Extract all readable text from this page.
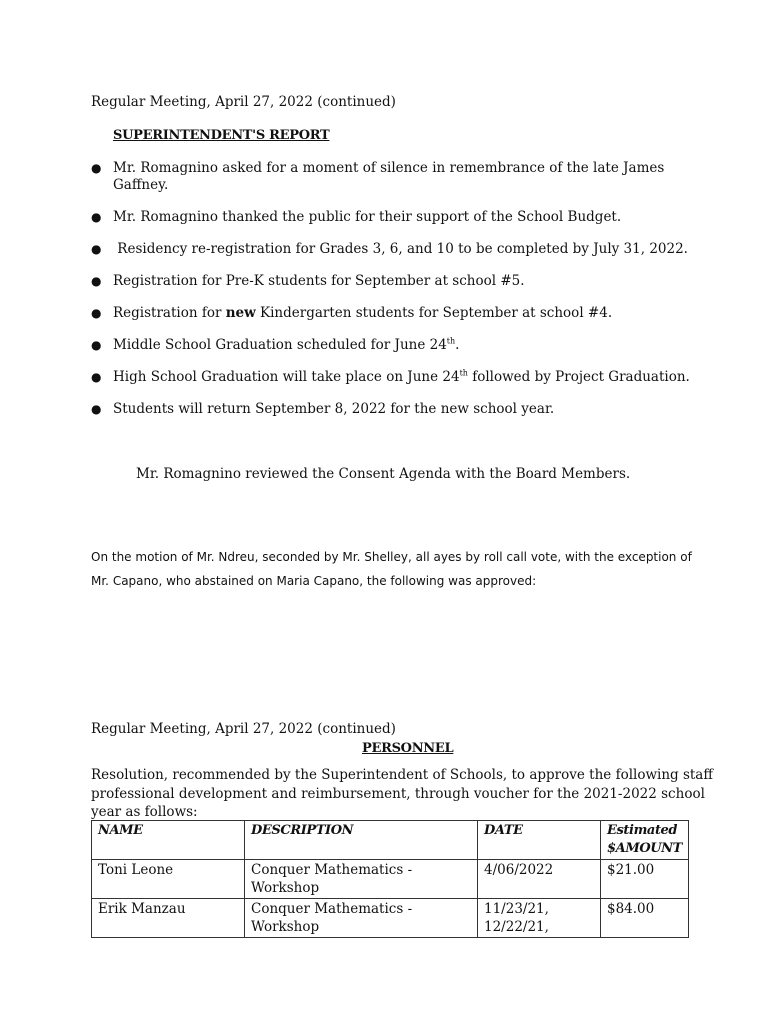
Regular Meeting, April 27, 2022 (continued)
SUPERINTENDENT'S REPORT
● Mr. Romagnino asked for a moment of silence in remembrance of the late James
Gaffney.
● Mr. Romagnino thanked the public for their support of the School Budget.
● Residency re-registration for Grades 3, 6, and 10 to be completed by July 31, 2022.
● Registration for Pre-K students for September at school #5.
● Registration for new Kindergarten students for September at school #4.
● Middle School Graduation scheduled for June 24th.
● High School Graduation will take place on June 24th followed by Project Graduation.
● Students will return September 8, 2022 for the new school year.
Mr. Romagnino reviewed the Consent Agenda with the Board Members.
On the motion of Mr. Ndreu, seconded by Mr. Shelley, all ayes by roll call vote, with the exception of
Mr. Capano, who abstained on Maria Capano, the following was approved:
Regular Meeting, April 27, 2022 (continued)
PERSONNEL
Resolution, recommended by the Superintendent of Schools, to approve the following staff
professional development and reimbursement, through voucher for the 2021-2022 school
year as follows:
NAME	DESCRIPTION	DATE	Estimated
$AMOUNT
Toni Leone	Conquer Mathematics - Workshop	4/06/2022	$21.00
Erik Manzau	Conquer Mathematics - Workshop	11/23/21,
12/22/21,	$84.00
